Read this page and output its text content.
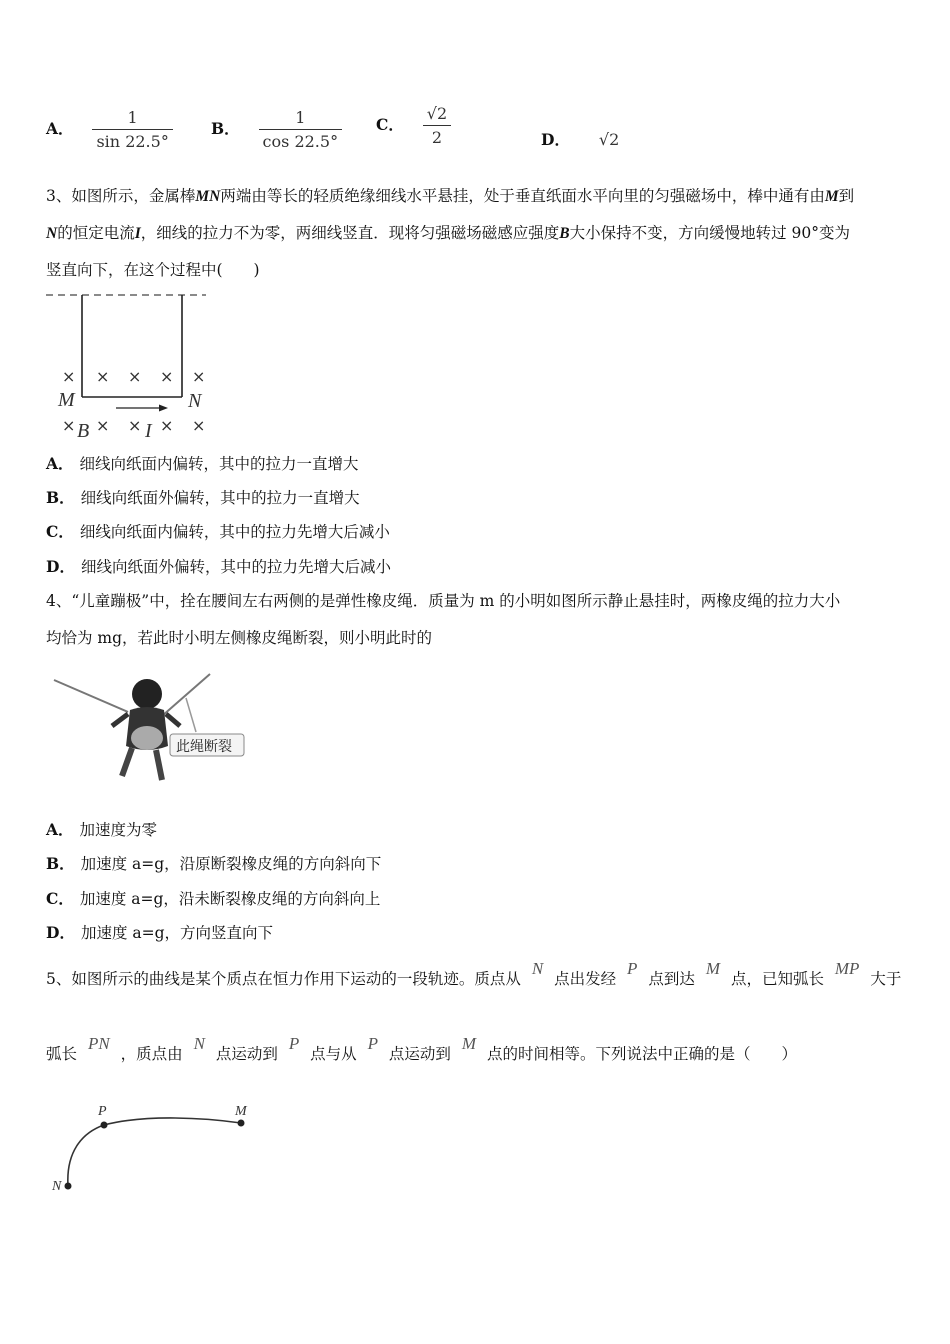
A． $\frac{1}{\sin 22.5^\circ}$ B． $\frac{1}{\cos 22.5^\circ}$ C． $\frac{√2}{2}$	D． √2
3、如图所示，金属棒MN两端由等长的轻质绝缘细线水平悬挂，处于垂直纸面水平向里的匀强磁场中，棒中通有由M到
N的恒定电流I，细线的拉力不为零，两细线竖直．现将匀强磁场磁感应强度B大小保持不变，方向缓慢地转过 90°变为
竖直向下，在这个过程中(　　)
× × × × ×
× × × × ×
M	N
B	I
A． 细线向纸面内偏转，其中的拉力一直增大
B． 细线向纸面外偏转，其中的拉力一直增大
C． 细线向纸面内偏转，其中的拉力先增大后减小
D． 细线向纸面外偏转，其中的拉力先增大后减小
4、“儿童蹦极”中，拴在腰间左右两侧的是弹性橡皮绳．质量为 m 的小明如图所示静止悬挂时，两橡皮绳的拉力大小
均恰为 mg，若此时小明左侧橡皮绳断裂，则小明此时的
此绳断裂
A． 加速度为零
B． 加速度 a=g，沿原断裂橡皮绳的方向斜向下
C． 加速度 a=g，沿未断裂橡皮绳的方向斜向上
D． 加速度 a=g，方向竖直向下
5、如图所示的曲线是某个质点在恒力作用下运动的一段轨迹。质点从 N 点出发经 P 点到达 M 点，已知弧长 MP 大于
弧长 PN ，质点由 N 点运动到 P 点与从 P 点运动到 M 点的时间相等。下列说法中正确的是（　　）
P	M
N
